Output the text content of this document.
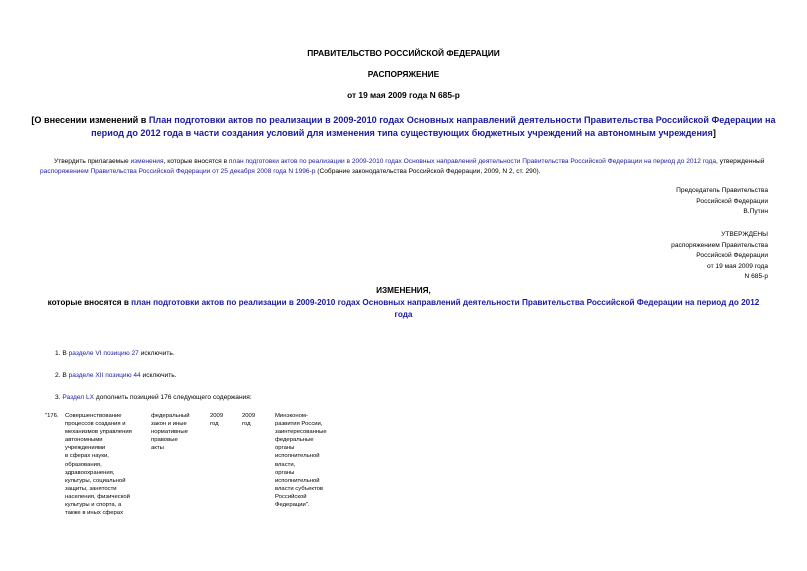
ПРАВИТЕЛЬСТВО РОССИЙСКОЙ ФЕДЕРАЦИИ
РАСПОРЯЖЕНИЕ
от 19 мая 2009 года N 685-р
[О внесении изменений в План подготовки актов по реализации в 2009-2010 годах Основных направлений деятельности Правительства Российской Федерации на период до 2012 года в части создания условий для изменения типа существующих бюджетных учреждений на автономным учреждения]
Утвердить прилагаемые изменения, которые вносятся в план подготовки актов по реализации в 2009-2010 годах Основных направлений деятельности Правительства Российской Федерации на период до 2012 года, утвержденный распоряжением Правительства Российской Федерации от 25 декабря 2008 года N 1996-р (Собрание законодательства Российской Федерации, 2009, N 2, ст. 290).
Председатель Правительства
Российской Федерации
В.Путин
УТВЕРЖДЕНЫ
распоряжением Правительства
Российской Федерации
от 19 мая 2009 года
N 685-р
ИЗМЕНЕНИЯ,
которые вносятся в план подготовки актов по реализации в 2009-2010 годах Основных направлений деятельности Правительства Российской Федерации на период до 2012 года
1. В разделе VI позицию 27 исключить.
2. В разделе XII позицию 44 исключить.
3. Раздел LX дополнить позицией 176 следующего содержания:
"176. Совершенствование
процессов создания и
механизмов управления
автономными
учреждениями
в сферах науки,
образования,
здравоохранения,
культуры, социальной
защиты, занятости
населения, физической
культуры и спорта, а
также в иных сферах
федеральный
закон и иные
нормативные
правовые
акты
2009
год
2009
год
Минэконом-
развития России,
заинтересованные
федеральные
органы
исполнительной
власти,
органы
исполнительной
власти субъектов
Российской
Федерации".
